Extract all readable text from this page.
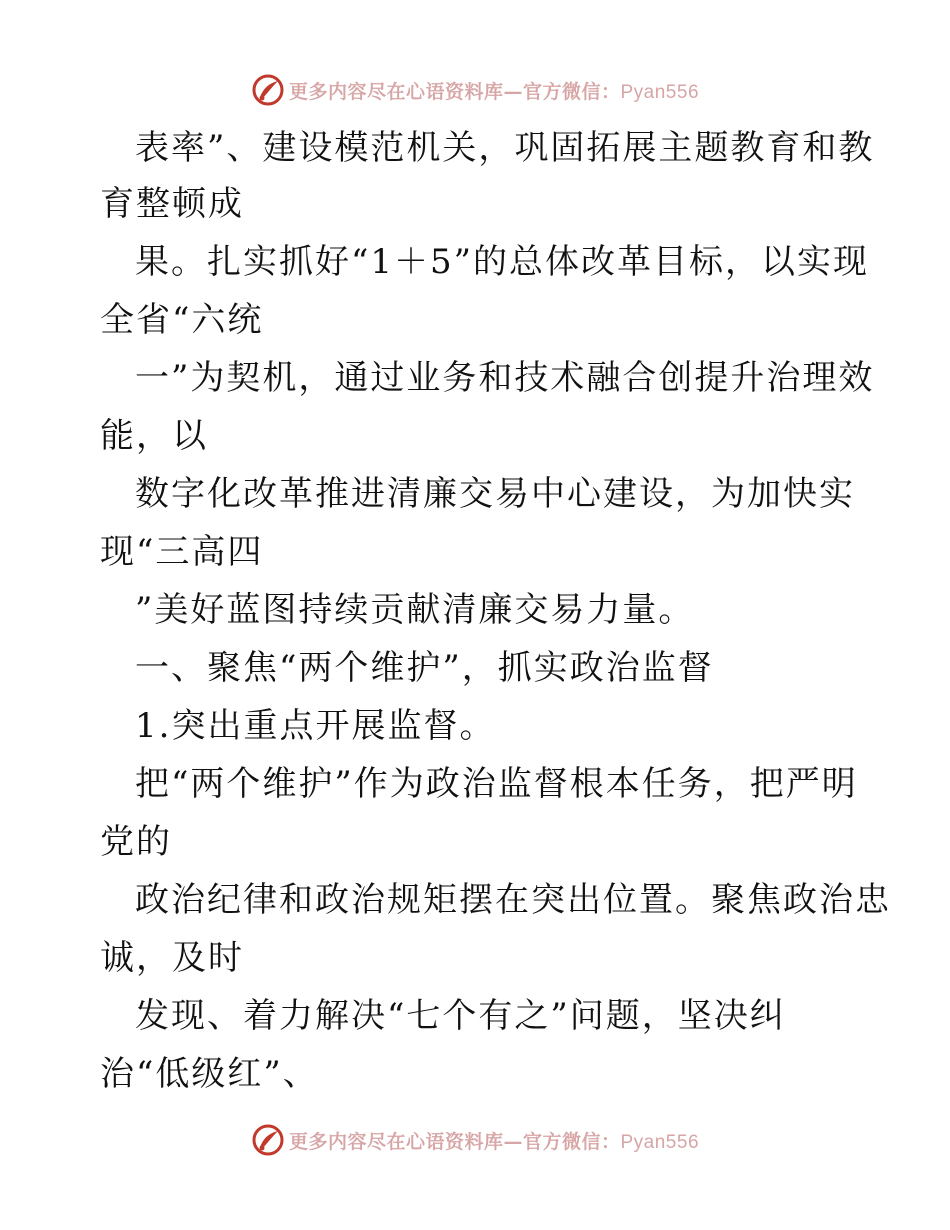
更多内容尽在心语资料库—官方微信：Pyan556
表率”、建设模范机关，巩固拓展主题教育和教
育整顿成
果。扎实抓好“1＋5”的总体改革目标，以实现
全省“六统
一”为契机，通过业务和技术融合创提升治理效
能，以
数字化改革推进清廉交易中心建设，为加快实
现“三高四
”美好蓝图持续贡献清廉交易力量。
一、聚焦“两个维护”，抓实政治监督
1.突出重点开展监督。
把“两个维护”作为政治监督根本任务，把严明
党的
政治纪律和政治规矩摆在突出位置。聚焦政治忠
诚，及时
发现、着力解决“七个有之”问题，坚决纠
治“低级红”、
更多内容尽在心语资料库—官方微信：Pyan556
